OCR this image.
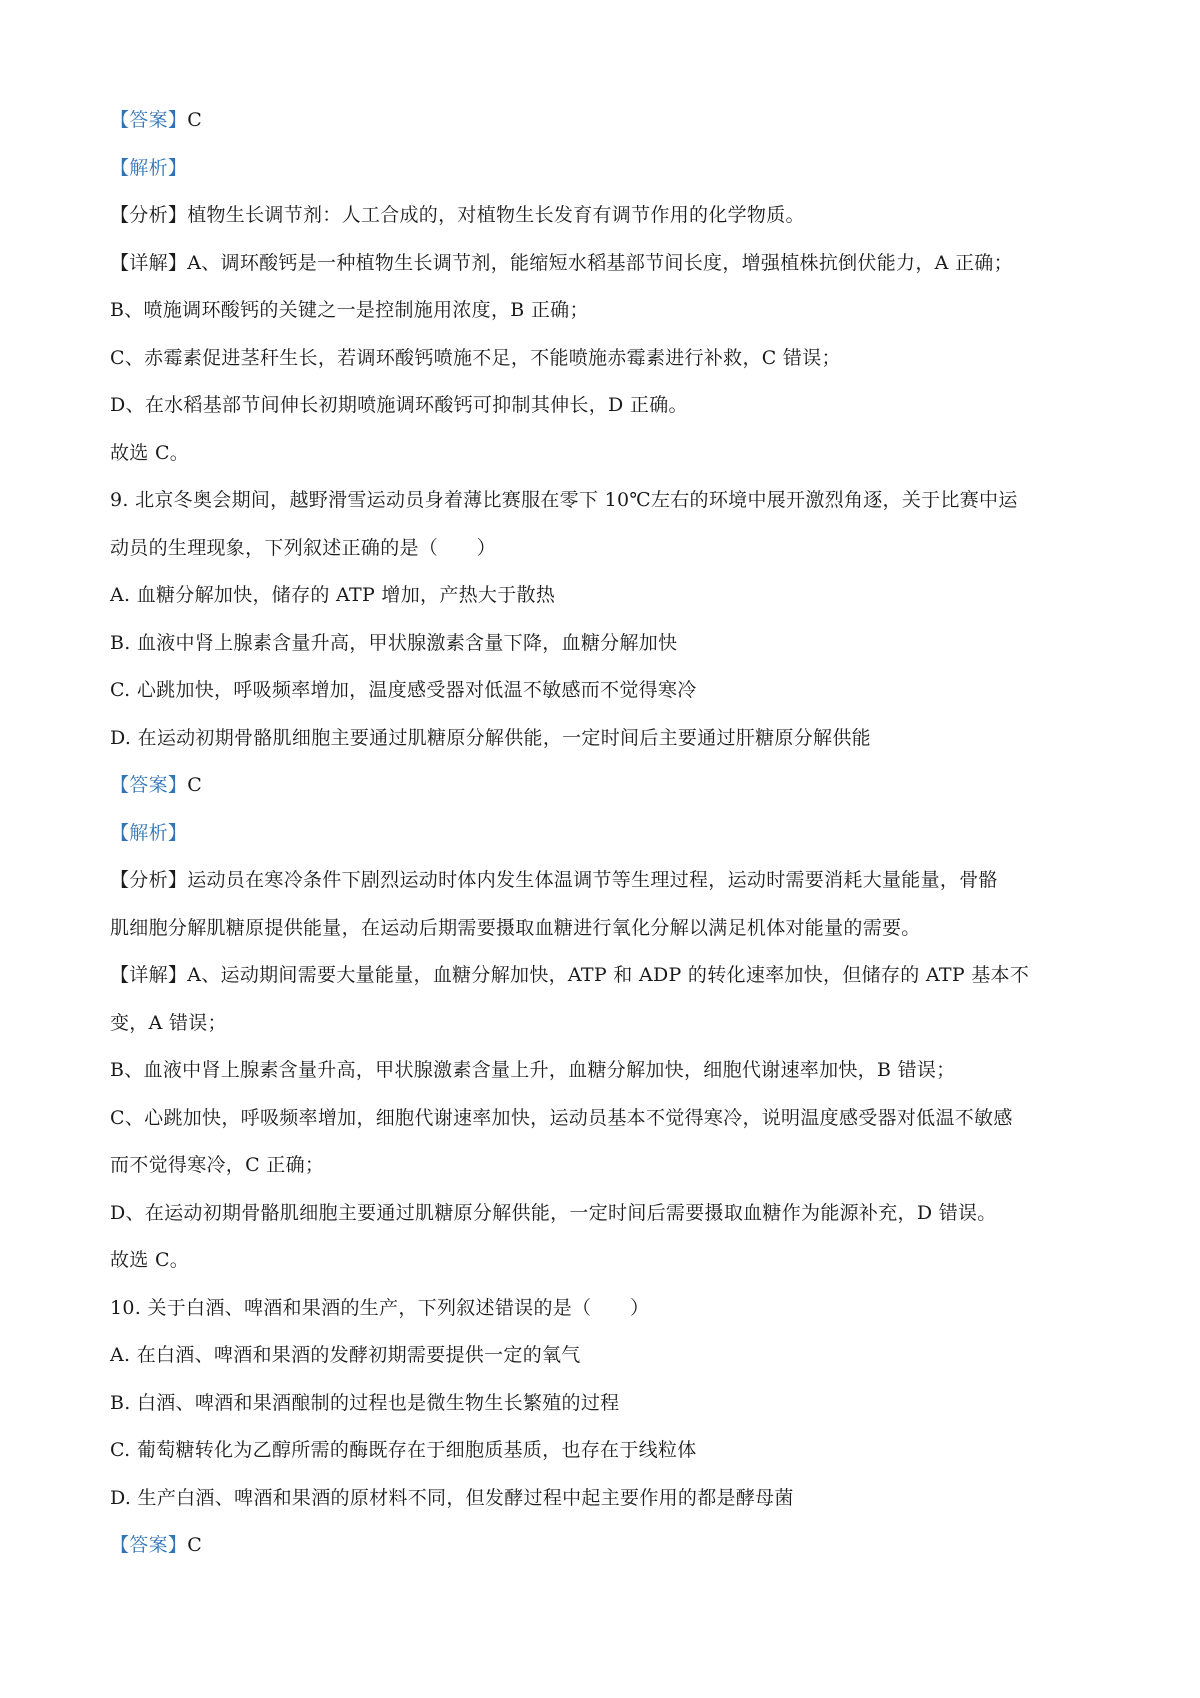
【答案】C
【解析】
【分析】植物生长调节剂：人工合成的，对植物生长发育有调节作用的化学物质。
【详解】A、调环酸钙是一种植物生长调节剂，能缩短水稻基部节间长度，增强植株抗倒伏能力，A 正确；
B、喷施调环酸钙的关键之一是控制施用浓度，B 正确；
C、赤霉素促进茎秆生长，若调环酸钙喷施不足，不能喷施赤霉素进行补救，C 错误；
D、在水稻基部节间伸长初期喷施调环酸钙可抑制其伸长，D 正确。
故选 C。
9. 北京冬奥会期间，越野滑雪运动员身着薄比赛服在零下 10℃左右的环境中展开激烈角逐，关于比赛中运
动员的生理现象，下列叙述正确的是（　　）
A. 血糖分解加快，储存的 ATP 增加，产热大于散热
B. 血液中肾上腺素含量升高，甲状腺激素含量下降，血糖分解加快
C. 心跳加快，呼吸频率增加，温度感受器对低温不敏感而不觉得寒冷
D. 在运动初期骨骼肌细胞主要通过肌糖原分解供能，一定时间后主要通过肝糖原分解供能
【答案】C
【解析】
【分析】运动员在寒冷条件下剧烈运动时体内发生体温调节等生理过程，运动时需要消耗大量能量，骨骼
肌细胞分解肌糖原提供能量，在运动后期需要摄取血糖进行氧化分解以满足机体对能量的需要。
【详解】A、运动期间需要大量能量，血糖分解加快，ATP 和 ADP 的转化速率加快，但储存的 ATP 基本不
变，A 错误；
B、血液中肾上腺素含量升高，甲状腺激素含量上升，血糖分解加快，细胞代谢速率加快，B 错误；
C、心跳加快，呼吸频率增加，细胞代谢速率加快，运动员基本不觉得寒冷，说明温度感受器对低温不敏感
而不觉得寒冷，C 正确；
D、在运动初期骨骼肌细胞主要通过肌糖原分解供能，一定时间后需要摄取血糖作为能源补充，D 错误。
故选 C。
10. 关于白酒、啤酒和果酒的生产，下列叙述错误的是（　　）
A. 在白酒、啤酒和果酒的发酵初期需要提供一定的氧气
B. 白酒、啤酒和果酒酿制的过程也是微生物生长繁殖的过程
C. 葡萄糖转化为乙醇所需的酶既存在于细胞质基质，也存在于线粒体
D. 生产白酒、啤酒和果酒的原材料不同，但发酵过程中起主要作用的都是酵母菌
【答案】C
